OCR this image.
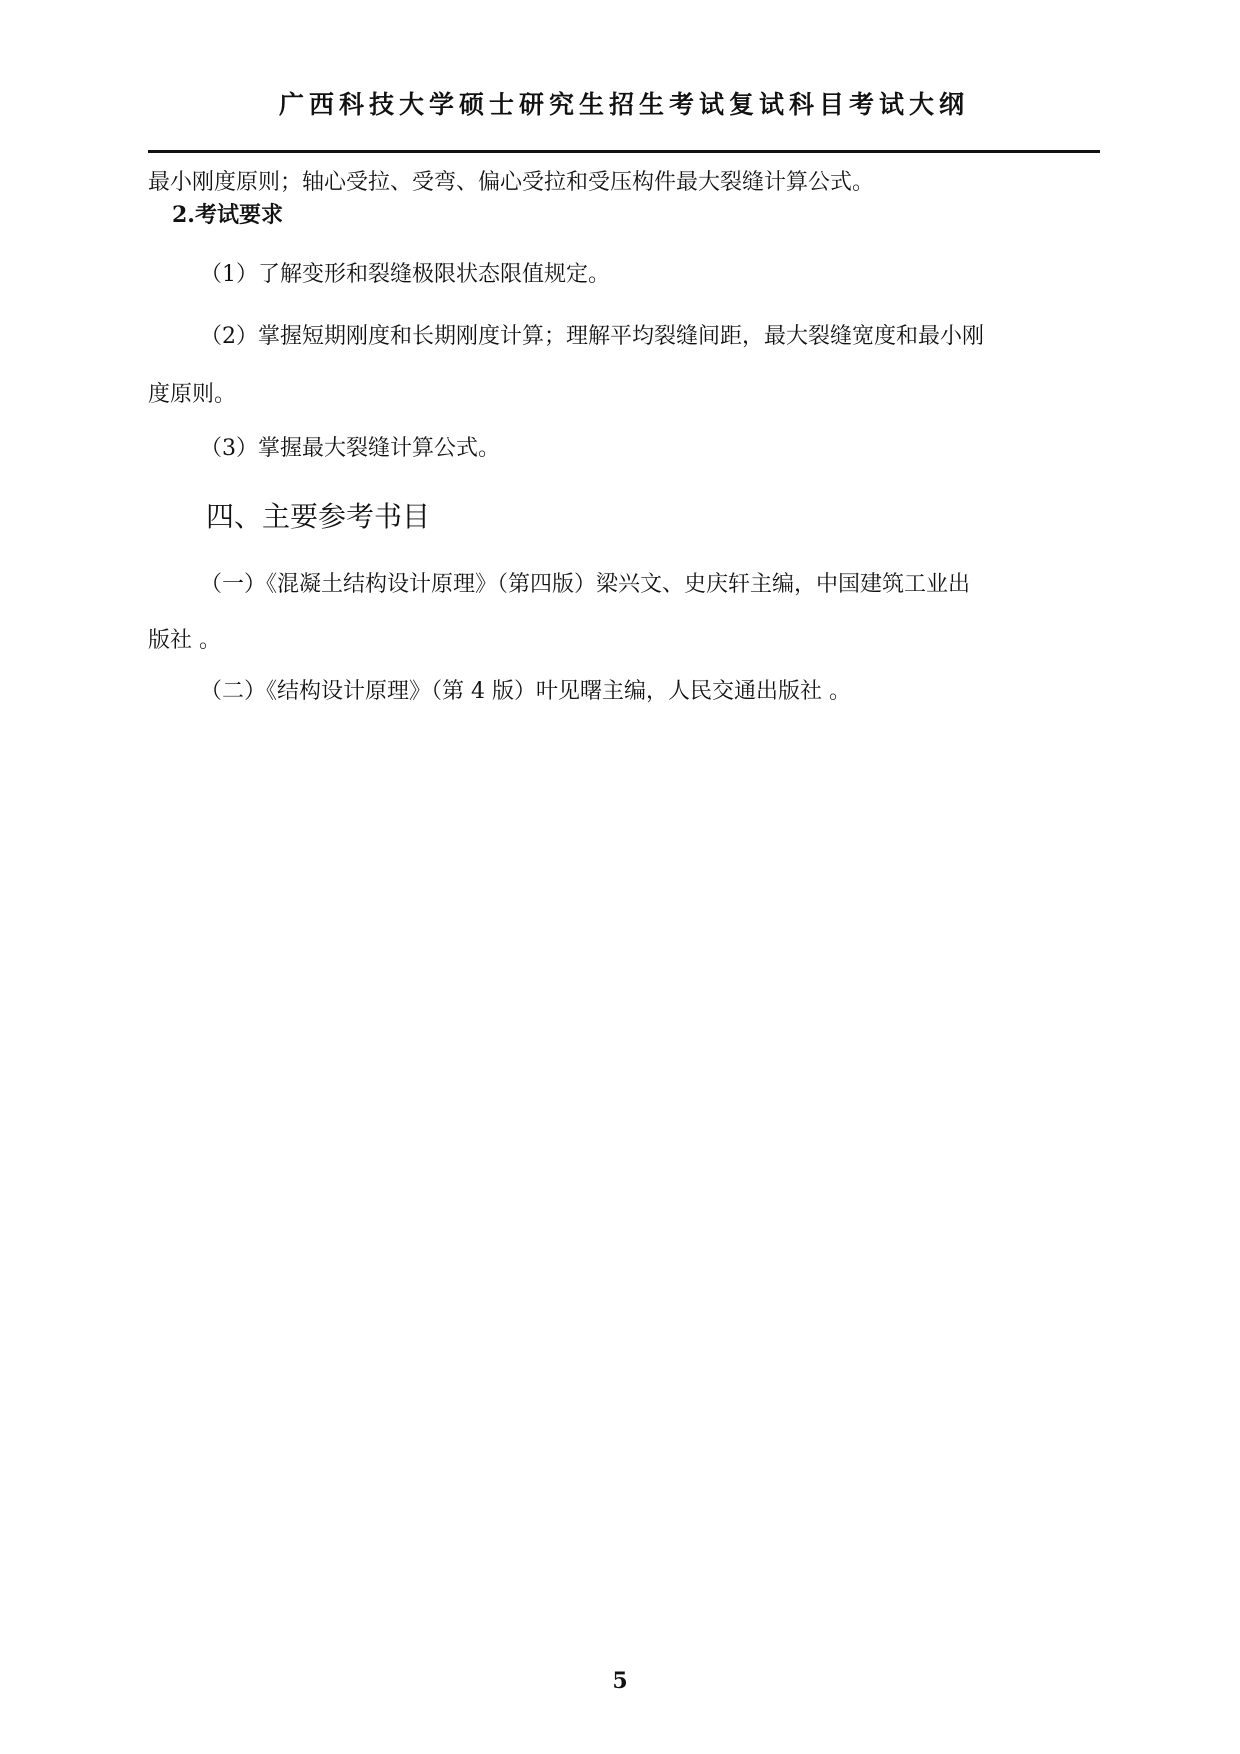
广西科技大学硕士研究生招生考试复试科目考试大纲
最小刚度原则；轴心受拉、受弯、偏心受拉和受压构件最大裂缝计算公式。
2.考试要求
（1）了解变形和裂缝极限状态限值规定。
（2）掌握短期刚度和长期刚度计算；理解平均裂缝间距，最大裂缝宽度和最小刚
度原则。
（3）掌握最大裂缝计算公式。
四、主要参考书目
（一）《混凝土结构设计原理》（第四版）梁兴文、史庆轩主编，中国建筑工业出
版社 。
（二）《结构设计原理》（第 4 版）叶见曙主编，人民交通出版社 。
5
